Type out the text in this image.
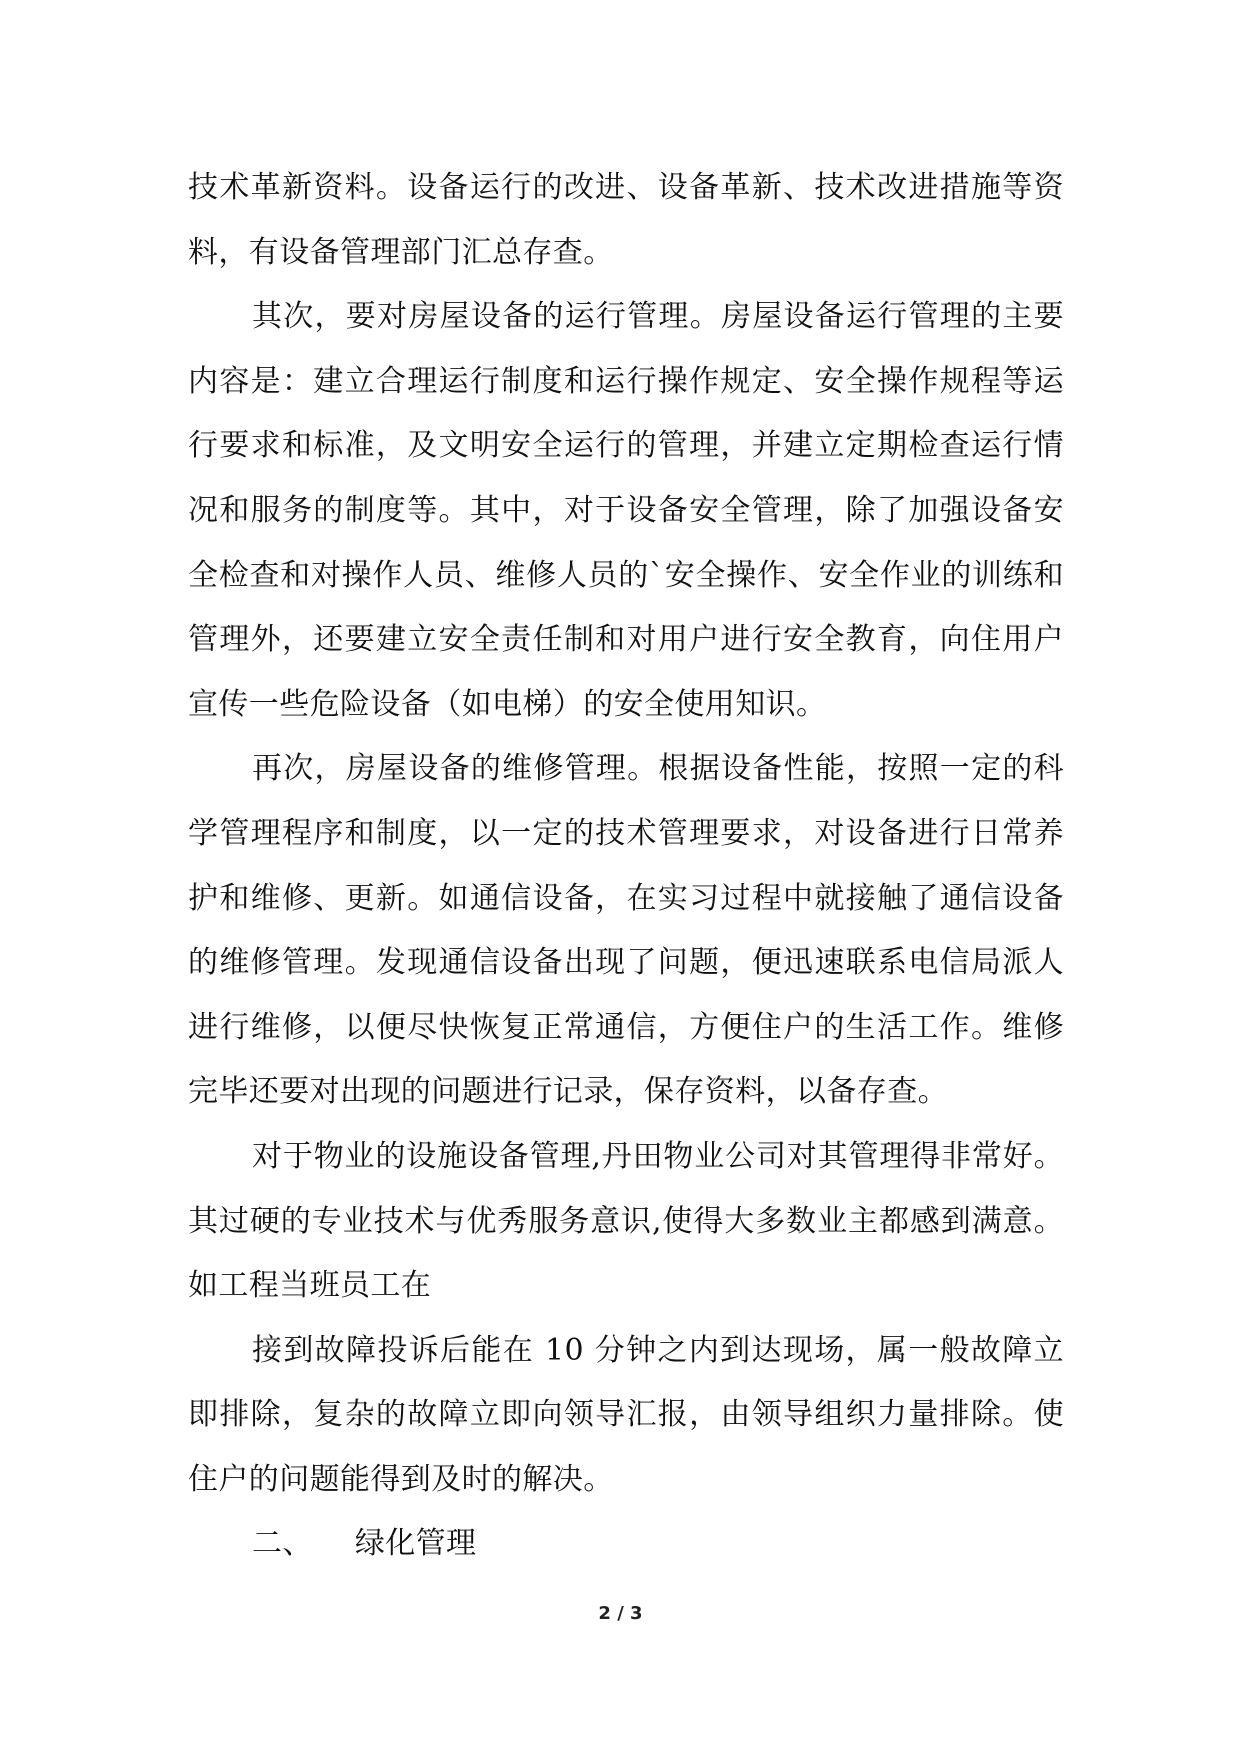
技术革新资料。设备运行的改进、设备革新、技术改进措施等资料，有设备管理部门汇总存查。

其次，要对房屋设备的运行管理。房屋设备运行管理的主要内容是：建立合理运行制度和运行操作规定、安全操作规程等运行要求和标准，及文明安全运行的管理，并建立定期检查运行情况和服务的制度等。其中，对于设备安全管理，除了加强设备安全检查和对操作人员、维修人员的`安全操作、安全作业的训练和管理外，还要建立安全责任制和对用户进行安全教育，向住用户宣传一些危险设备（如电梯）的安全使用知识。

再次，房屋设备的维修管理。根据设备性能，按照一定的科学管理程序和制度，以一定的技术管理要求，对设备进行日常养护和维修、更新。如通信设备，在实习过程中就接触了通信设备的维修管理。发现通信设备出现了问题，便迅速联系电信局派人进行维修，以便尽快恢复正常通信，方便住户的生活工作。维修完毕还要对出现的问题进行记录，保存资料，以备存查。

对于物业的设施设备管理,丹田物业公司对其管理得非常好。其过硬的专业技术与优秀服务意识,使得大多数业主都感到满意。如工程当班员工在

接到故障投诉后能在 10 分钟之内到达现场，属一般故障立即排除，复杂的故障立即向领导汇报，由领导组织力量排除。使住户的问题能得到及时的解决。

二、 绿化管理

2 / 3
